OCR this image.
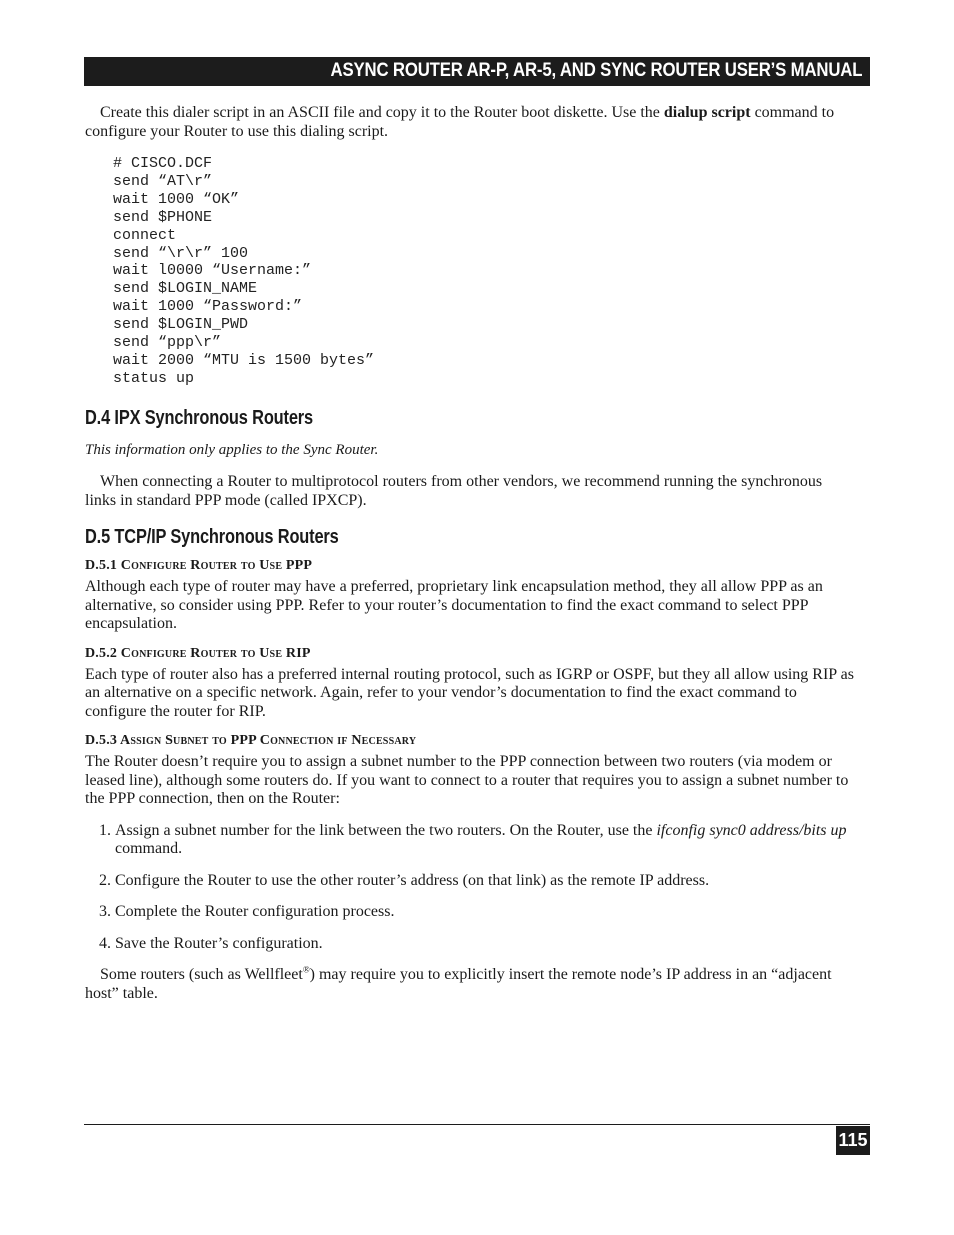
ASYNC ROUTER AR-P, AR-5, AND SYNC ROUTER USER’S MANUAL

Create this dialer script in an ASCII file and copy it to the Router boot diskette. Use the dialup script command to configure your Router to use this dialing script.

# CISCO.DCF
send “AT\r”
wait 1000 “OK”
send $PHONE
connect
send “\r\r” 100
wait l0000 “Username:”
send $LOGIN_NAME
wait 1000 “Password:”
send $LOGIN_PWD
send “ppp\r”
wait 2000 “MTU is 1500 bytes”
status up
D.4 IPX Synchronous Routers

This information only applies to the Sync Router.

When connecting a Router to multiprotocol routers from other vendors, we recommend running the synchronous links in standard PPP mode (called IPXCP).

D.5 TCP/IP Synchronous Routers
D.5.1 Configure Router to Use PPP

Although each type of router may have a preferred, proprietary link encapsulation method, they all allow PPP as an alternative, so consider using PPP. Refer to your router’s documentation to find the exact command to select PPP encapsulation.

D.5.2 Configure Router to Use RIP

Each type of router also has a preferred internal routing protocol, such as IGRP or OSPF, but they all allow using RIP as an alternative on a specific network. Again, refer to your vendor’s documentation to find the exact command to configure the router for RIP.

D.5.3 Assign Subnet to PPP Connection if Necessary

The Router doesn’t require you to assign a subnet number to the PPP connection between two routers (via modem or leased line), although some routers do. If you want to connect to a router that requires you to assign a subnet number to the PPP connection, then on the Router:

1. Assign a subnet number for the link between the two routers. On the Router, use the ifconfig sync0 address/bits up command.
2. Configure the Router to use the other router’s address (on that link) as the remote IP address.
3. Complete the Router configuration process.
4. Save the Router’s configuration.

Some routers (such as Wellfleet®) may require you to explicitly insert the remote node’s IP address in an “adjacent host” table.

115
